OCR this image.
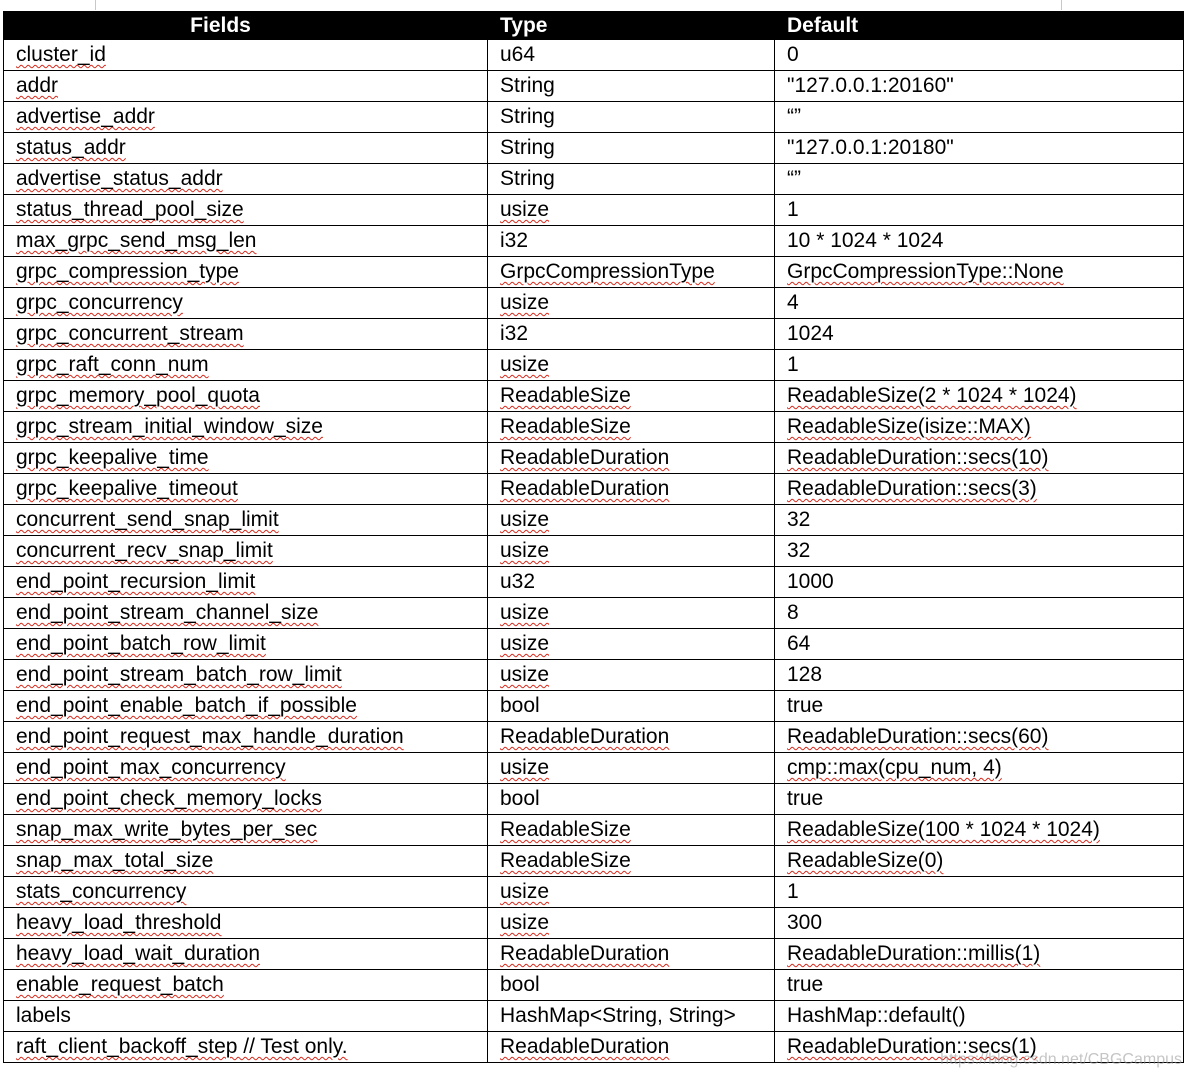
Fields	Type	Default
cluster_id	u64	0
addr	String	"127.0.0.1:20160"
advertise_addr	String	“”
status_addr	String	"127.0.0.1:20180"
advertise_status_addr	String	“”
status_thread_pool_size	usize	1
max_grpc_send_msg_len	i32	10 * 1024 * 1024
grpc_compression_type	GrpcCompressionType	GrpcCompressionType::None
grpc_concurrency	usize	4
grpc_concurrent_stream	i32	1024
grpc_raft_conn_num	usize	1
grpc_memory_pool_quota	ReadableSize	ReadableSize(2 * 1024 * 1024)
grpc_stream_initial_window_size	ReadableSize	ReadableSize(isize::MAX)
grpc_keepalive_time	ReadableDuration	ReadableDuration::secs(10)
grpc_keepalive_timeout	ReadableDuration	ReadableDuration::secs(3)
concurrent_send_snap_limit	usize	32
concurrent_recv_snap_limit	usize	32
end_point_recursion_limit	u32	1000
end_point_stream_channel_size	usize	8
end_point_batch_row_limit	usize	64
end_point_stream_batch_row_limit	usize	128
end_point_enable_batch_if_possible	bool	true
end_point_request_max_handle_duration	ReadableDuration	ReadableDuration::secs(60)
end_point_max_concurrency	usize	cmp::max(cpu_num, 4)
end_point_check_memory_locks	bool	true
snap_max_write_bytes_per_sec	ReadableSize	ReadableSize(100 * 1024 * 1024)
snap_max_total_size	ReadableSize	ReadableSize(0)
stats_concurrency	usize	1
heavy_load_threshold	usize	300
heavy_load_wait_duration	ReadableDuration	ReadableDuration::millis(1)
enable_request_batch	bool	true
labels	HashMap<String, String>	HashMap::default()
raft_client_backoff_step // Test only.	ReadableDuration	ReadableDuration::secs(1)
https://blog.csdn.net/CBGCampus
